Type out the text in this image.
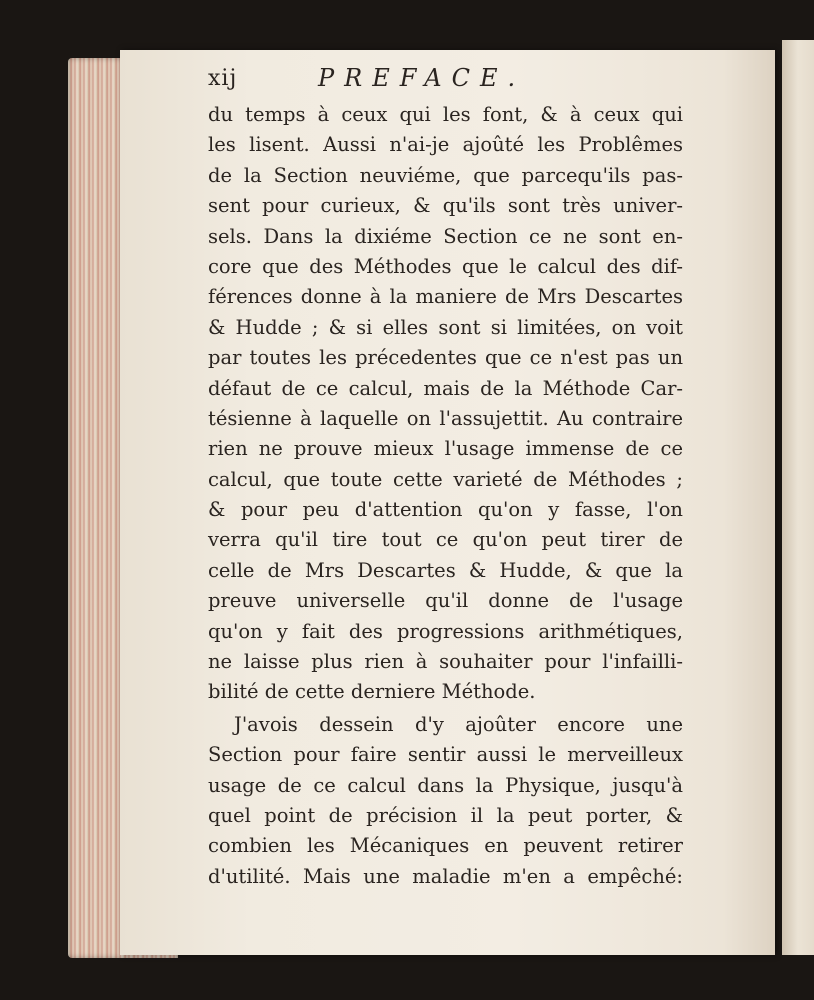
xij	PREFACE.
du temps à ceux qui les font, & à ceux qui
les lisent. Aussi n'ai-je ajoûté les Problêmes
de la Section neuviéme, que parcequ'ils pas-
sent pour curieux, & qu'ils sont très univer-
sels. Dans la dixiéme Section ce ne sont en-
core que des Méthodes que le calcul des dif-
férences donne à la maniere de Mrs Descartes
& Hudde ; & si elles sont si limitées, on voit
par toutes les précedentes que ce n'est pas un
défaut de ce calcul, mais de la Méthode Car-
tésienne à laquelle on l'assujettit. Au contraire
rien ne prouve mieux l'usage immense de ce
calcul, que toute cette varieté de Méthodes ;
& pour peu d'attention qu'on y fasse, l'on
verra qu'il tire tout ce qu'on peut tirer de
celle de Mrs Descartes & Hudde, & que la
preuve universelle qu'il donne de l'usage
qu'on y fait des progressions arithmétiques,
ne laisse plus rien à souhaiter pour l'infailli-
bilité de cette derniere Méthode.
J'avois dessein d'y ajoûter encore une
Section pour faire sentir aussi le merveilleux
usage de ce calcul dans la Physique, jusqu'à
quel point de précision il la peut porter, &
combien les Mécaniques en peuvent retirer
d'utilité. Mais une maladie m'en a empêché:
